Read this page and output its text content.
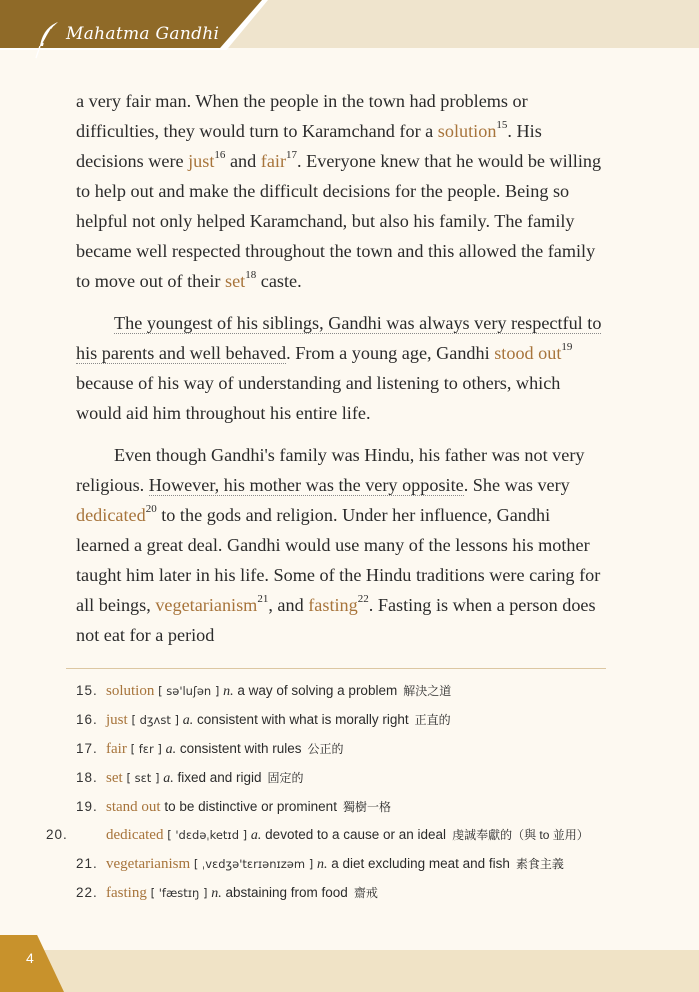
Mahatma Gandhi

a very fair man. When the people in the town had problems or difficulties, they would turn to Karamchand for a solution$^{15}$. His decisions were just$^{16}$ and fair$^{17}$. Everyone knew that he would be willing to help out and make the difficult decisions for the people. Being so helpful not only helped Karamchand, but also his family. The family became well respected throughout the town and this allowed the family to move out of their set$^{18}$ caste.

The youngest of his siblings, Gandhi was always very respectful to his parents and well behaved. From a young age, Gandhi stood out$^{19}$ because of his way of understanding and listening to others, which would aid him throughout his entire life.

Even though Gandhi's family was Hindu, his father was not very religious. However, his mother was the very opposite. She was very dedicated$^{20}$ to the gods and religion. Under her influence, Gandhi learned a great deal. Gandhi would use many of the lessons his mother taught him later in his life. Some of the Hindu traditions were caring for all beings, vegetarianism$^{21}$, and fasting$^{22}$. Fasting is when a person does not eat for a period

15. solution [ sə'luʃən ] n. a way of solving a problem 解決之道
16. just [ dʒʌst ] a. consistent with what is morally right 正直的
17. fair [ fɛr ] a. consistent with rules 公正的
18. set [ sɛt ] a. fixed and rigid 固定的
19. stand out to be distinctive or prominent 獨樹一格
20.	dedicated [ 'dɛdəˌketɪd ] a. devoted to a cause or an ideal 虔誠奉獻的（與 to 並用）
21. vegetarianism [ ˌvɛdʒə'tɛrɪənɪzəm ] n. a diet excluding meat and fish 素食主義
22. fasting [ 'fæstɪŋ ] n. abstaining from food 齋戒
4
